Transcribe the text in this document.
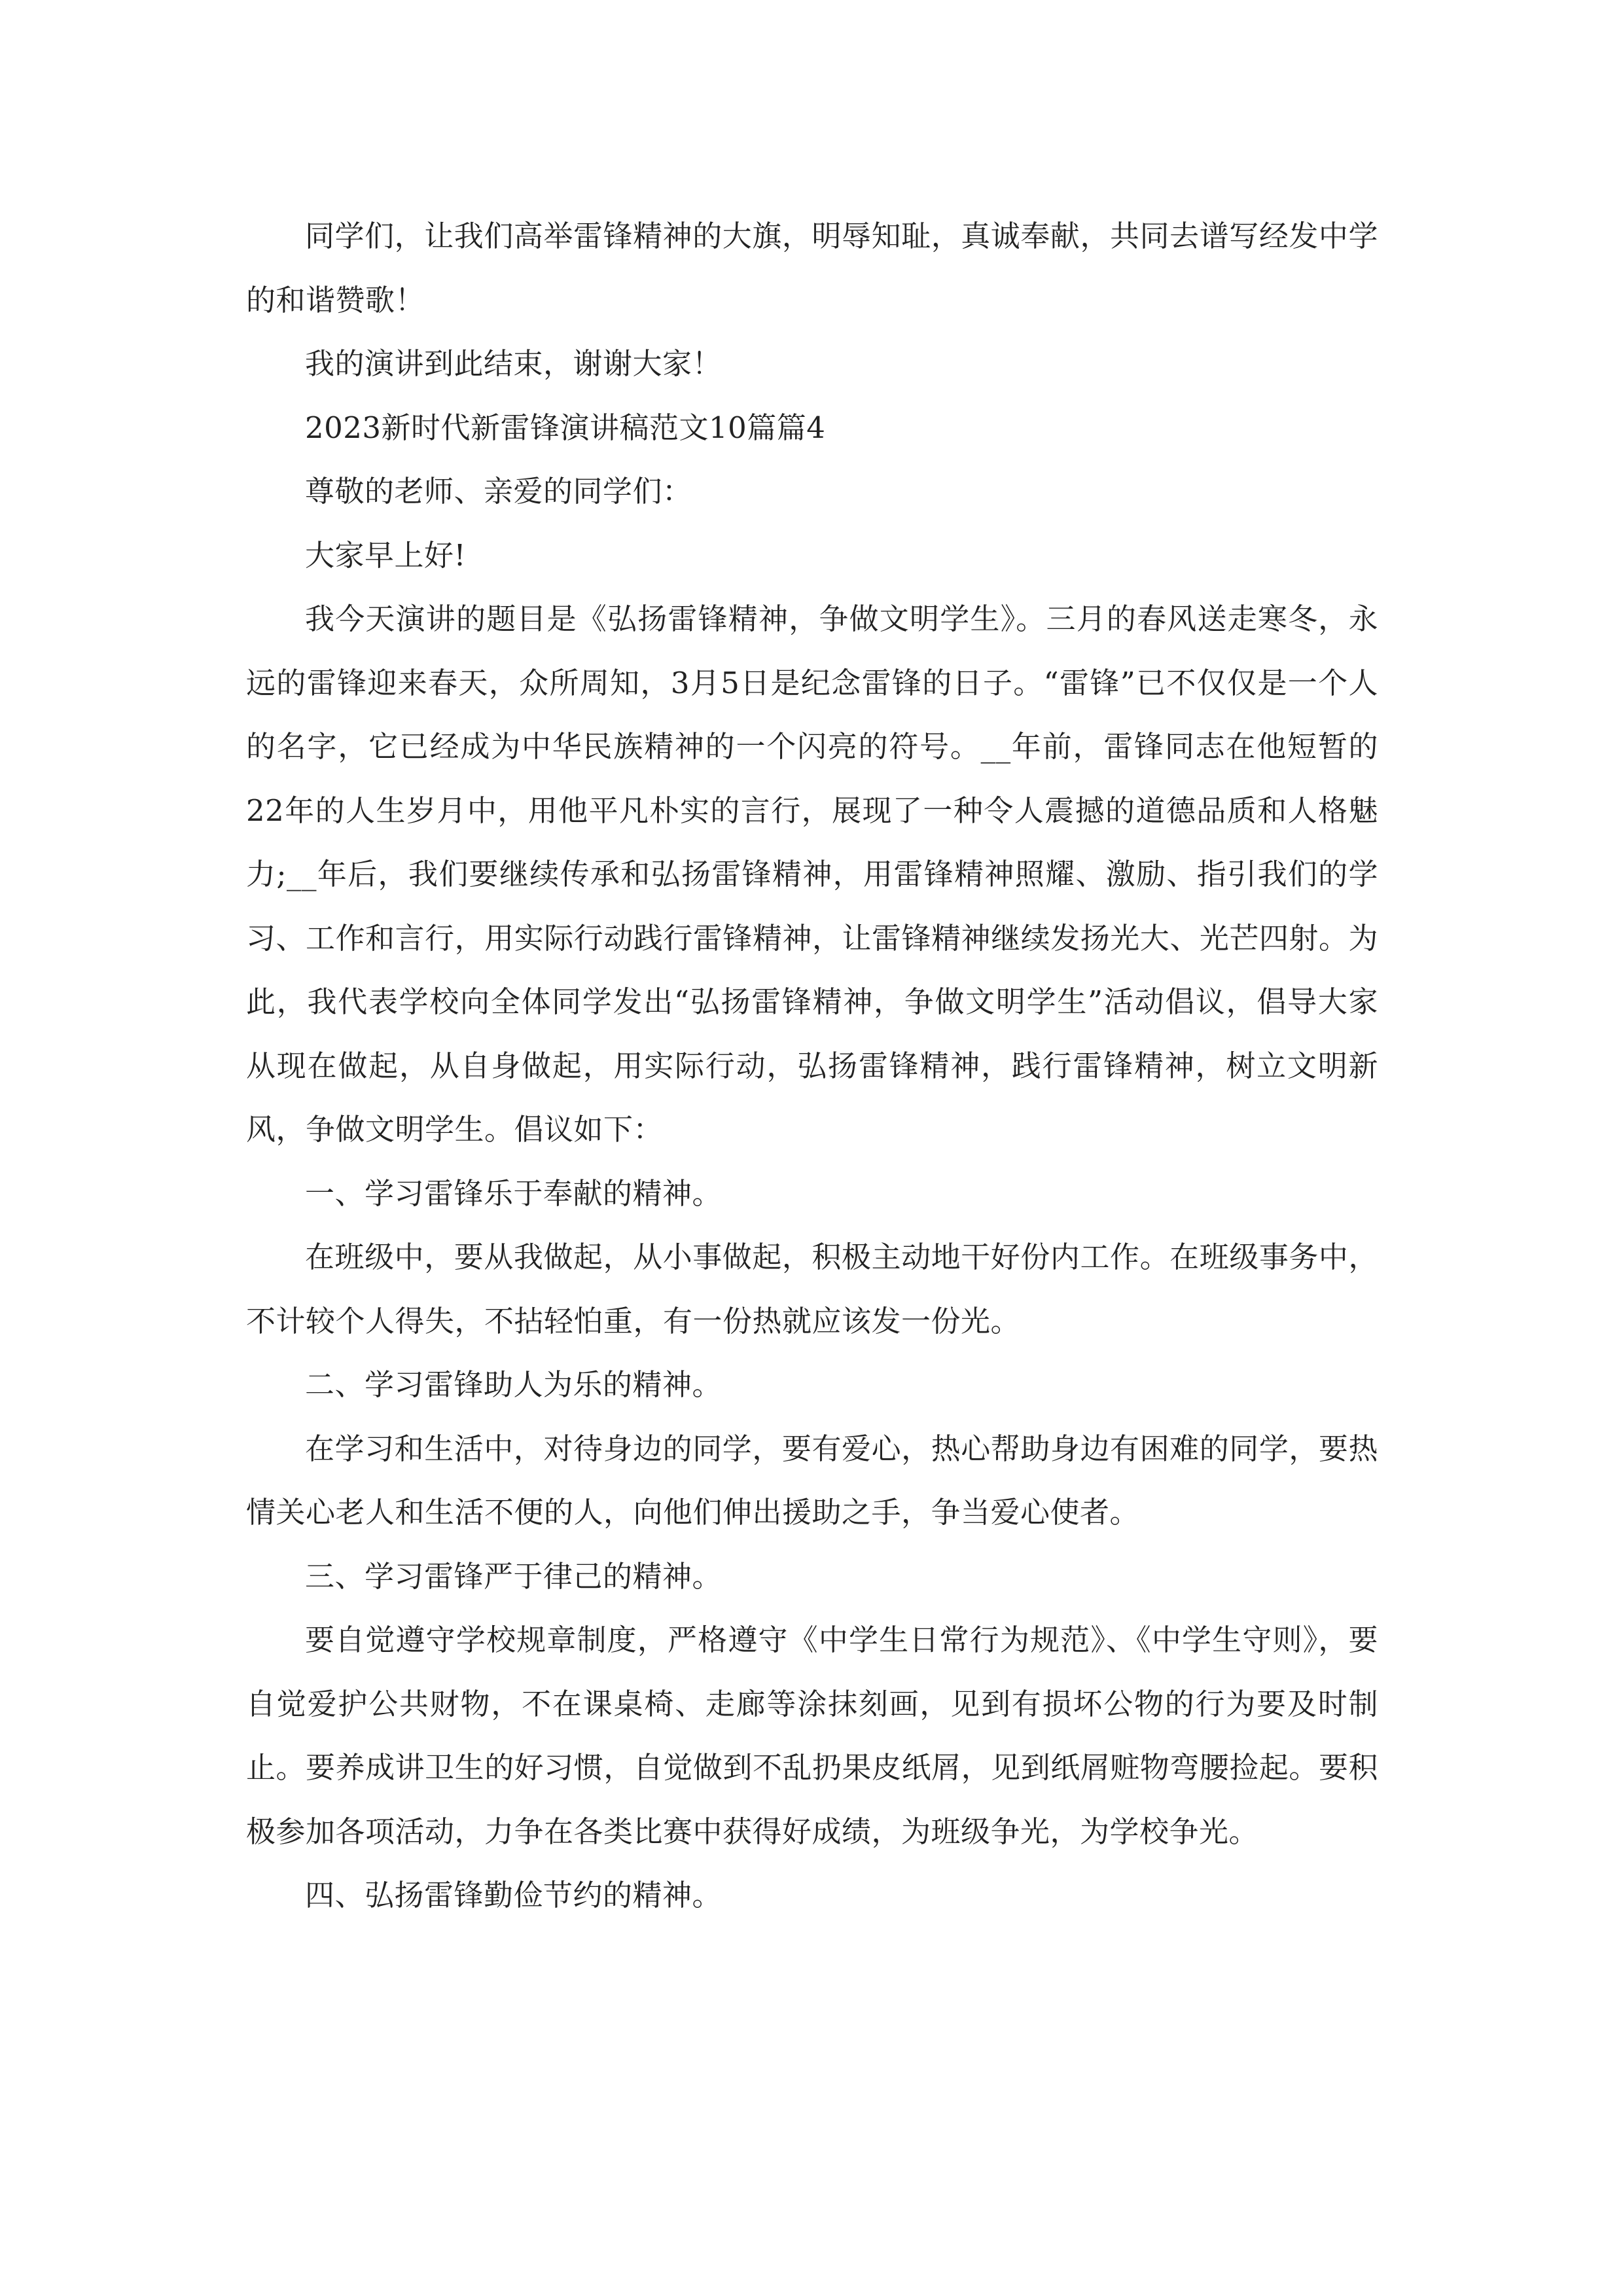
同学们，让我们高举雷锋精神的大旗，明辱知耻，真诚奉献，共同去谱写经发中学的和谐赞歌！

我的演讲到此结束，谢谢大家！

2023新时代新雷锋演讲稿范文10篇篇4

尊敬的老师、亲爱的同学们：

大家早上好!

我今天演讲的题目是《弘扬雷锋精神，争做文明学生》。三月的春风送走寒冬，永远的雷锋迎来春天，众所周知，3月5日是纪念雷锋的日子。“雷锋”已不仅仅是一个人的名字，它已经成为中华民族精神的一个闪亮的符号。__年前，雷锋同志在他短暂的22年的人生岁月中，用他平凡朴实的言行，展现了一种令人震撼的道德品质和人格魅力;__年后，我们要继续传承和弘扬雷锋精神，用雷锋精神照耀、激励、指引我们的学习、工作和言行，用实际行动践行雷锋精神，让雷锋精神继续发扬光大、光芒四射。为此，我代表学校向全体同学发出“弘扬雷锋精神，争做文明学生”活动倡议，倡导大家从现在做起，从自身做起，用实际行动，弘扬雷锋精神，践行雷锋精神，树立文明新风，争做文明学生。倡议如下：

一、学习雷锋乐于奉献的精神。

在班级中，要从我做起，从小事做起，积极主动地干好份内工作。在班级事务中，不计较个人得失，不拈轻怕重，有一份热就应该发一份光。

二、学习雷锋助人为乐的精神。

在学习和生活中，对待身边的同学，要有爱心，热心帮助身边有困难的同学，要热情关心老人和生活不便的人，向他们伸出援助之手，争当爱心使者。

三、学习雷锋严于律己的精神。

要自觉遵守学校规章制度，严格遵守《中学生日常行为规范》、《中学生守则》，要自觉爱护公共财物，不在课桌椅、走廊等涂抹刻画，见到有损坏公物的行为要及时制止。要养成讲卫生的好习惯，自觉做到不乱扔果皮纸屑，见到纸屑赃物弯腰捡起。要积极参加各项活动，力争在各类比赛中获得好成绩，为班级争光，为学校争光。

四、弘扬雷锋勤俭节约的精神。
